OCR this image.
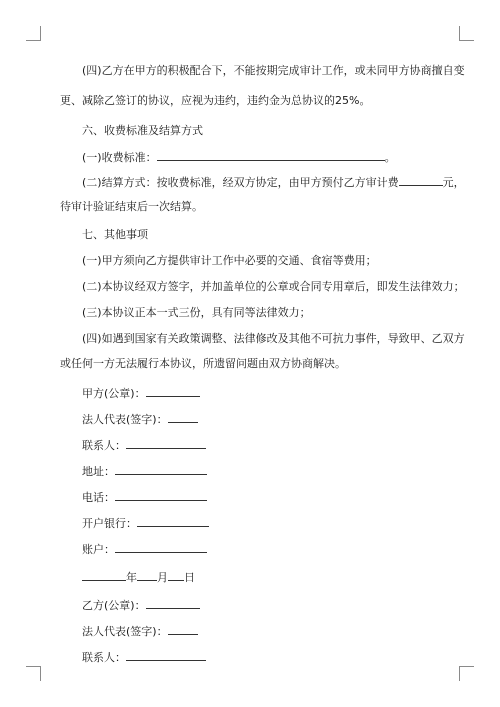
(四)乙方在甲方的积极配合下，不能按期完成审计工作，或未同甲方协商擅自变
更、减除乙签订的协议，应视为违约，违约金为总协议的25%。
六、收费标准及结算方式
(一)收费标准：	。
(二)结算方式：按收费标准，经双方协定，由甲方预付乙方审计费	元，
待审计验证结束后一次结算。
七、其他事项
(一)甲方须向乙方提供审计工作中必要的交通、食宿等费用；
(二)本协议经双方签字，并加盖单位的公章或合同专用章后，即发生法律效力；
(三)本协议正本一式三份，具有同等法律效力；
(四)如遇到国家有关政策调整、法律修改及其他不可抗力事件，导致甲、乙双方
或任何一方无法履行本协议，所遗留问题由双方协商解决。
甲方(公章)：
法人代表(签字)：
联系人：
地址：
电话：
开户银行：
账户：
年 月 日
乙方(公章)：
法人代表(签字)：
联系人：
